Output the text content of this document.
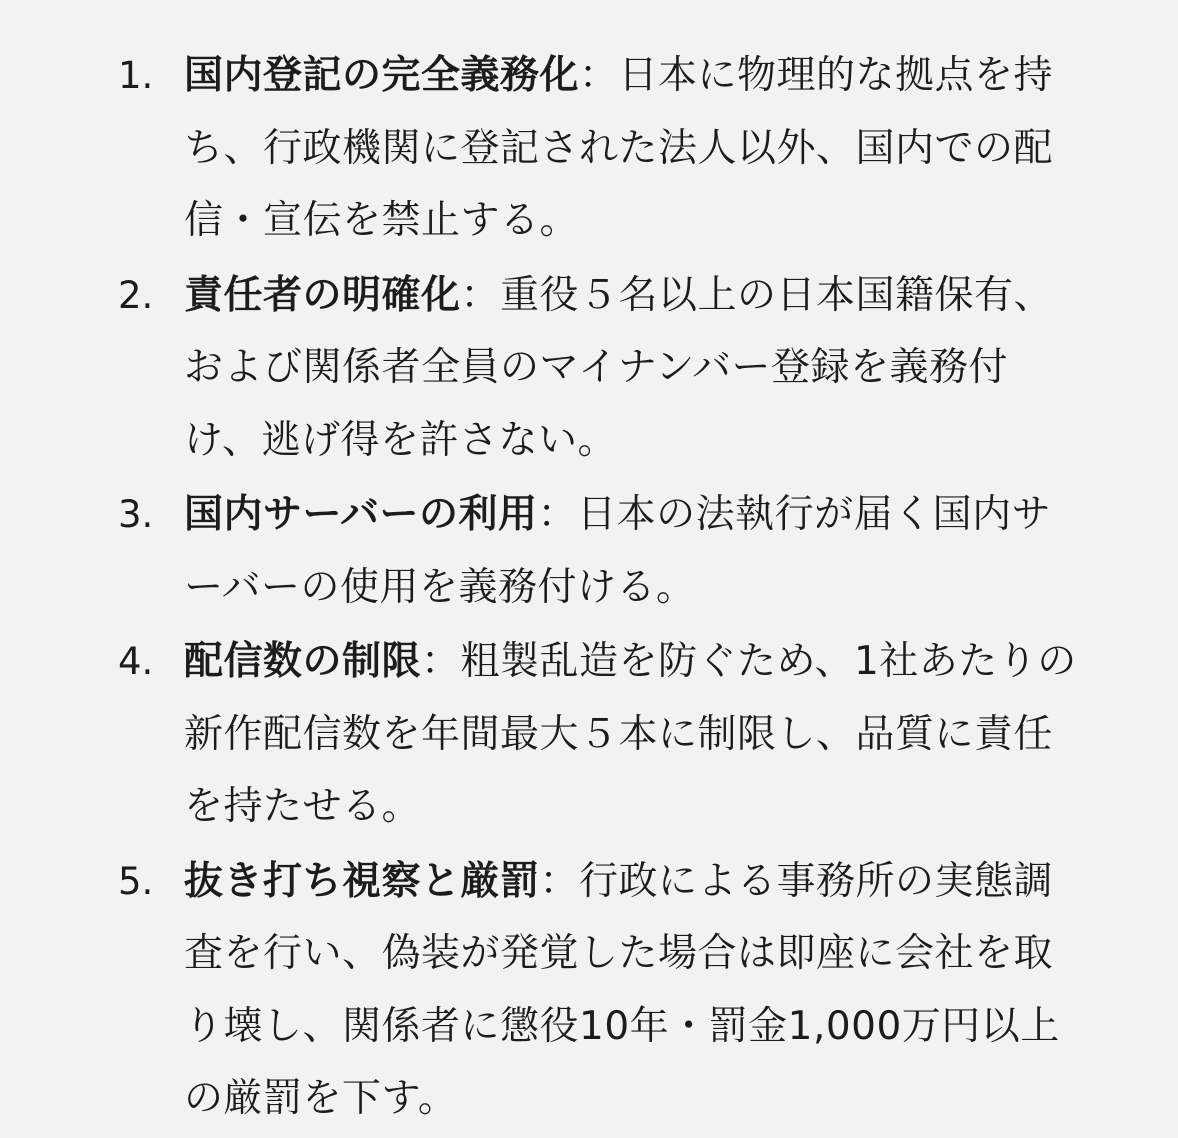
1. 国内登記の完全義務化：日本に物理的な拠点を持ち、行政機関に登記された法人以外、国内での配信・宣伝を禁止する。
2. 責任者の明確化：重役５名以上の日本国籍保有、および関係者全員のマイナンバー登録を義務付け、逃げ得を許さない。
3. 国内サーバーの利用：日本の法執行が届く国内サーバーの使用を義務付ける。
4. 配信数の制限：粗製乱造を防ぐため、1社あたりの新作配信数を年間最大５本に制限し、品質に責任を持たせる。
5. 抜き打ち視察と厳罰：行政による事務所の実態調査を行い、偽装が発覚した場合は即座に会社を取り壊し、関係者に懲役10年・罰金1,000万円以上の厳罰を下す。
